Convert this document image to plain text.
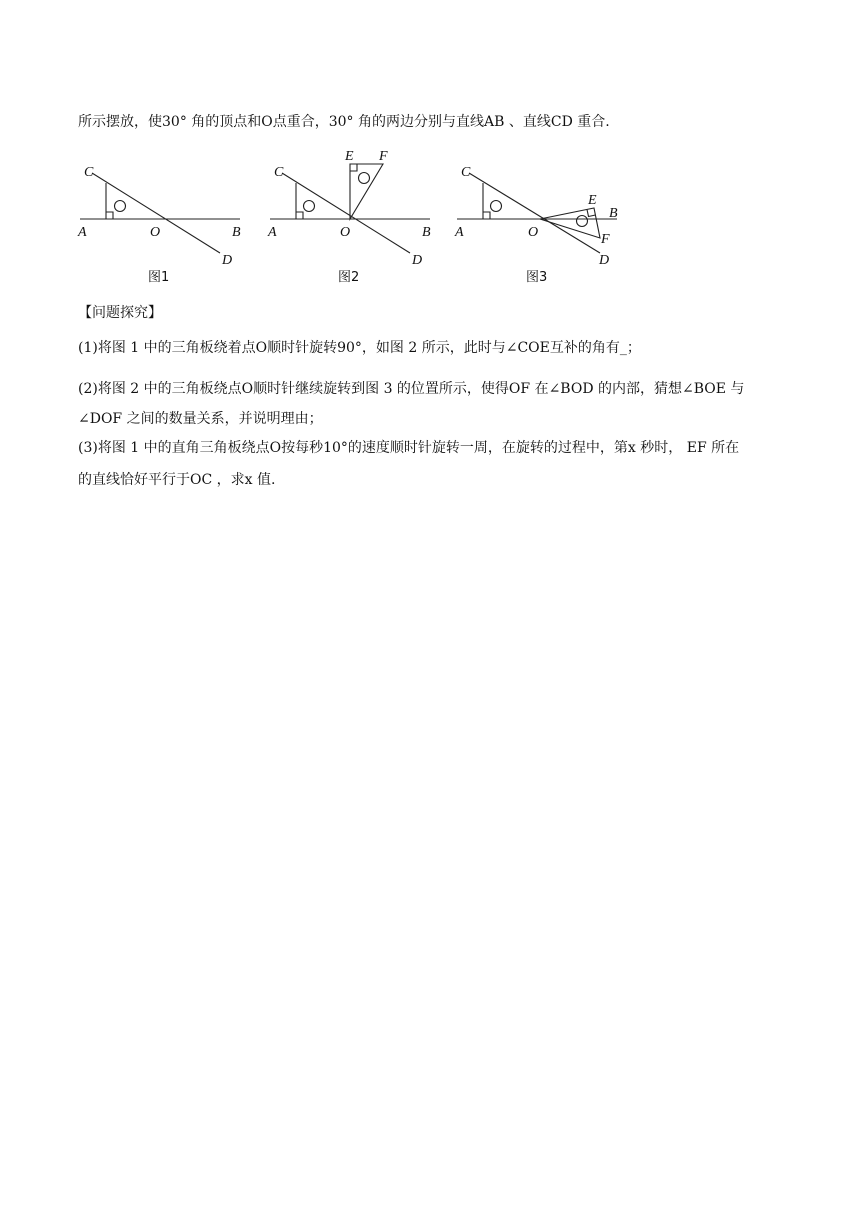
所示摆放，使30° 角的顶点和O点重合，30° 角的两边分别与直线AB 、直线CD 重合.
C
A	O	B
D
图1
C
E F
A	O	B
D
图2
C
E
B
F
A	O
D
图3
【问题探究】
(1)将图 1 中的三角板绕着点O顺时针旋转90°，如图 2 所示，此时与∠COE互补的角有_；
(2)将图 2 中的三角板绕点O顺时针继续旋转到图 3 的位置所示，使得OF 在∠BOD 的内部，猜想∠BOE 与
∠DOF 之间的数量关系，并说明理由；
(3)将图 1 中的直角三角板绕点O按每秒10°的速度顺时针旋转一周，在旋转的过程中，第x 秒时， EF 所在
的直线恰好平行于OC ，求x 值.
